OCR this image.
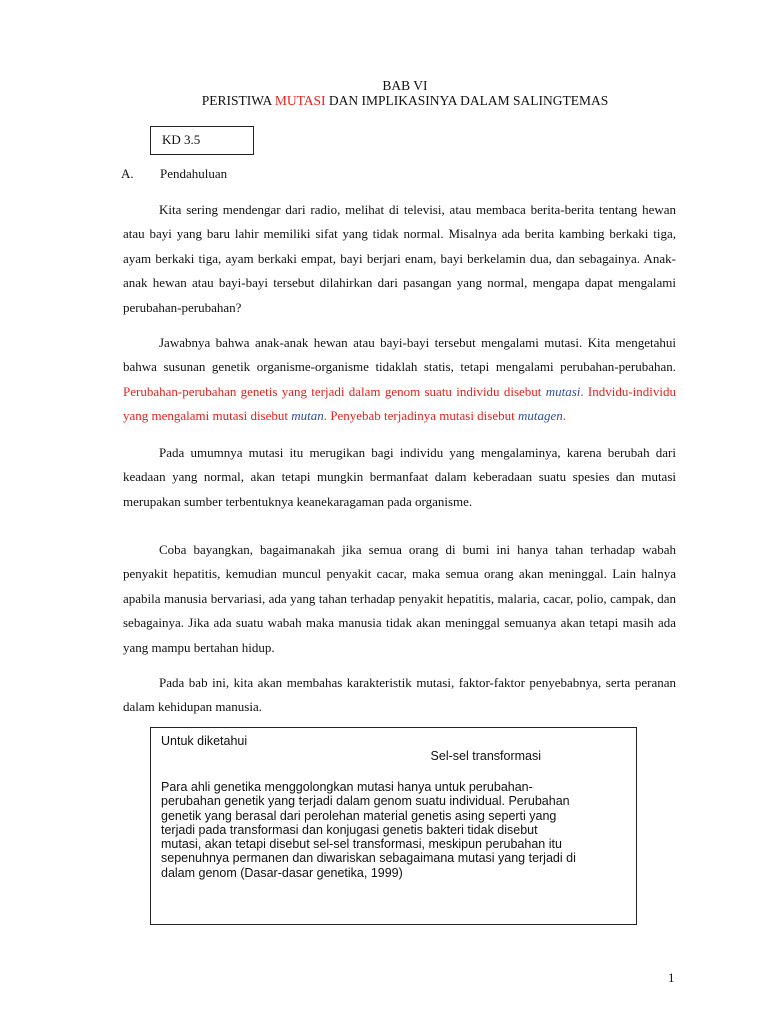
BAB VI
PERISTIWA MUTASI DAN IMPLIKASINYA DALAM SALINGTEMAS
KD 3.5
A. Pendahuluan

Kita sering mendengar dari radio, melihat di televisi, atau membaca berita-berita tentang hewan atau bayi yang baru lahir memiliki sifat yang tidak normal. Misalnya ada berita kambing berkaki tiga, ayam berkaki tiga, ayam berkaki empat, bayi berjari enam, bayi berkelamin dua, dan sebagainya. Anak-anak hewan atau bayi-bayi tersebut dilahirkan dari pasangan yang normal, mengapa dapat mengalami perubahan-perubahan?

Jawabnya bahwa anak-anak hewan atau bayi-bayi tersebut mengalami mutasi. Kita mengetahui bahwa susunan genetik organisme-organisme tidaklah statis, tetapi mengalami perubahan-perubahan. Perubahan-perubahan genetis yang terjadi dalam genom suatu individu disebut mutasi. Indvidu-individu yang mengalami mutasi disebut mutan. Penyebab terjadinya mutasi disebut mutagen.

Pada umumnya mutasi itu merugikan bagi individu yang mengalaminya, karena berubah dari keadaan yang normal, akan tetapi mungkin bermanfaat dalam keberadaan suatu spesies dan mutasi merupakan sumber terbentuknya keanekaragaman pada organisme.

Coba bayangkan, bagaimanakah jika semua orang di bumi ini hanya tahan terhadap wabah penyakit hepatitis, kemudian muncul penyakit cacar, maka semua orang akan meninggal. Lain halnya apabila manusia bervariasi, ada yang tahan terhadap penyakit hepatitis, malaria, cacar, polio, campak, dan sebagainya. Jika ada suatu wabah maka manusia tidak akan meninggal semuanya akan tetapi masih ada yang mampu bertahan hidup.

Pada bab ini, kita akan membahas karakteristik mutasi, faktor-faktor penyebabnya, serta peranan dalam kehidupan manusia.

Untuk diketahui
Sel-sel transformasi
Para ahli genetika menggolongkan mutasi hanya untuk perubahan-
perubahan genetik yang terjadi dalam genom suatu individual. Perubahan
genetik yang berasal dari perolehan material genetis asing seperti yang
terjadi pada transformasi dan konjugasi genetis bakteri tidak disebut
mutasi, akan tetapi disebut sel-sel transformasi, meskipun perubahan itu
sepenuhnya permanen dan diwariskan sebagaimana mutasi yang terjadi di
dalam genom (Dasar-dasar genetika, 1999)
1
